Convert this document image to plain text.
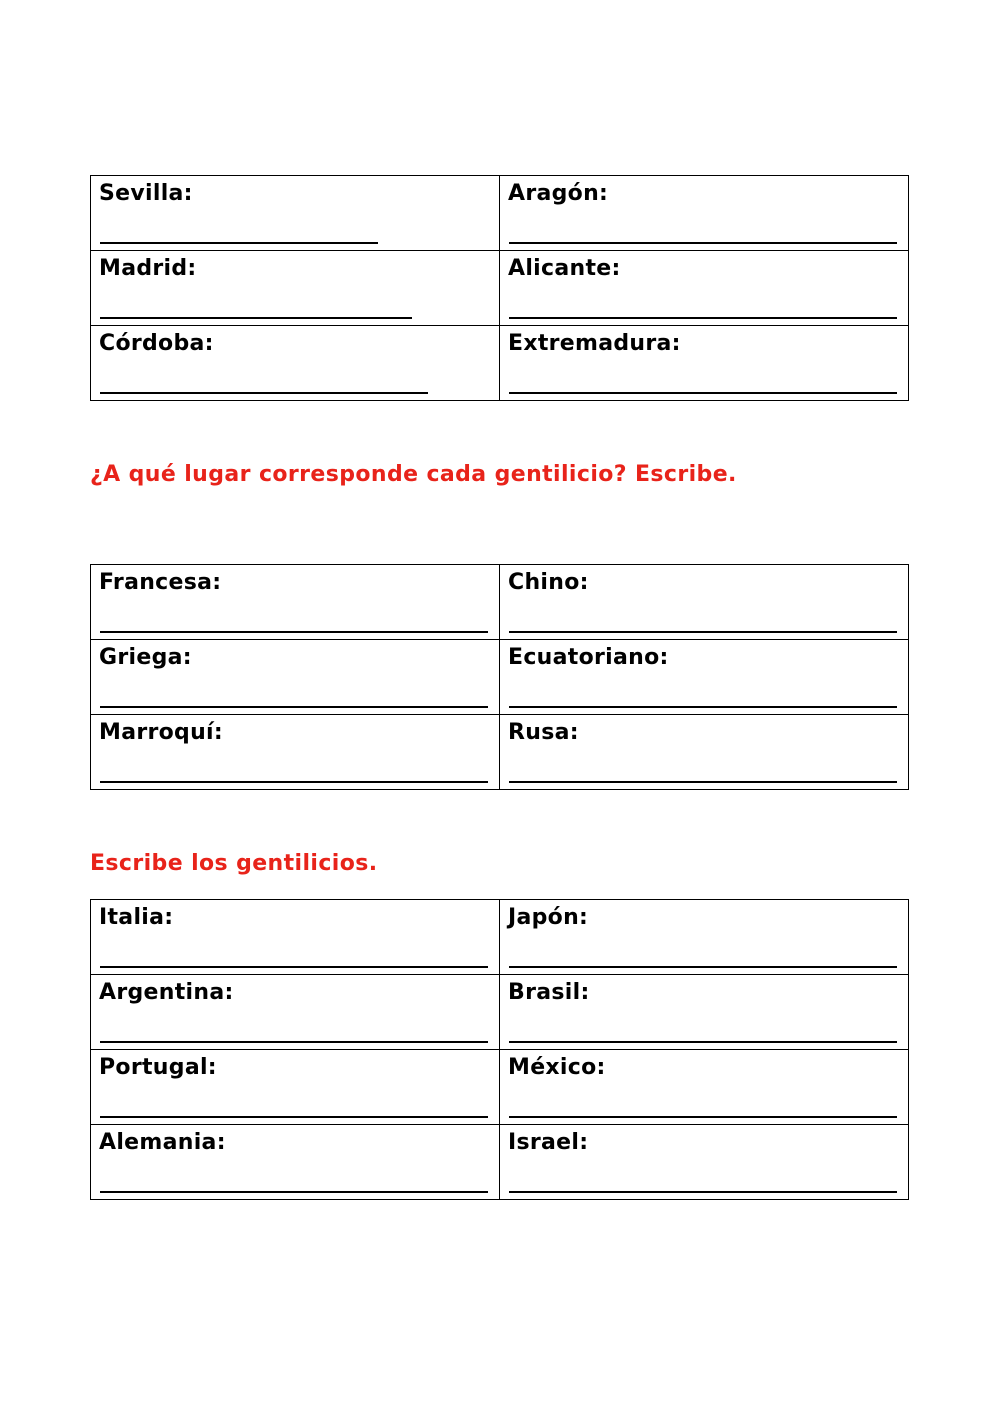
Sevilla:	Aragón:

Madrid:	Alicante:

Córdoba:	Extremadura:

¿A qué lugar corresponde cada gentilicio? Escribe.

Francesa:	Chino:

Griega:	Ecuatoriano:

Marroquí:	Rusa:

Escribe los gentilicios.

Italia:	Japón:

Argentina:	Brasil:

Portugal:	México:

Alemania:	Israel:
